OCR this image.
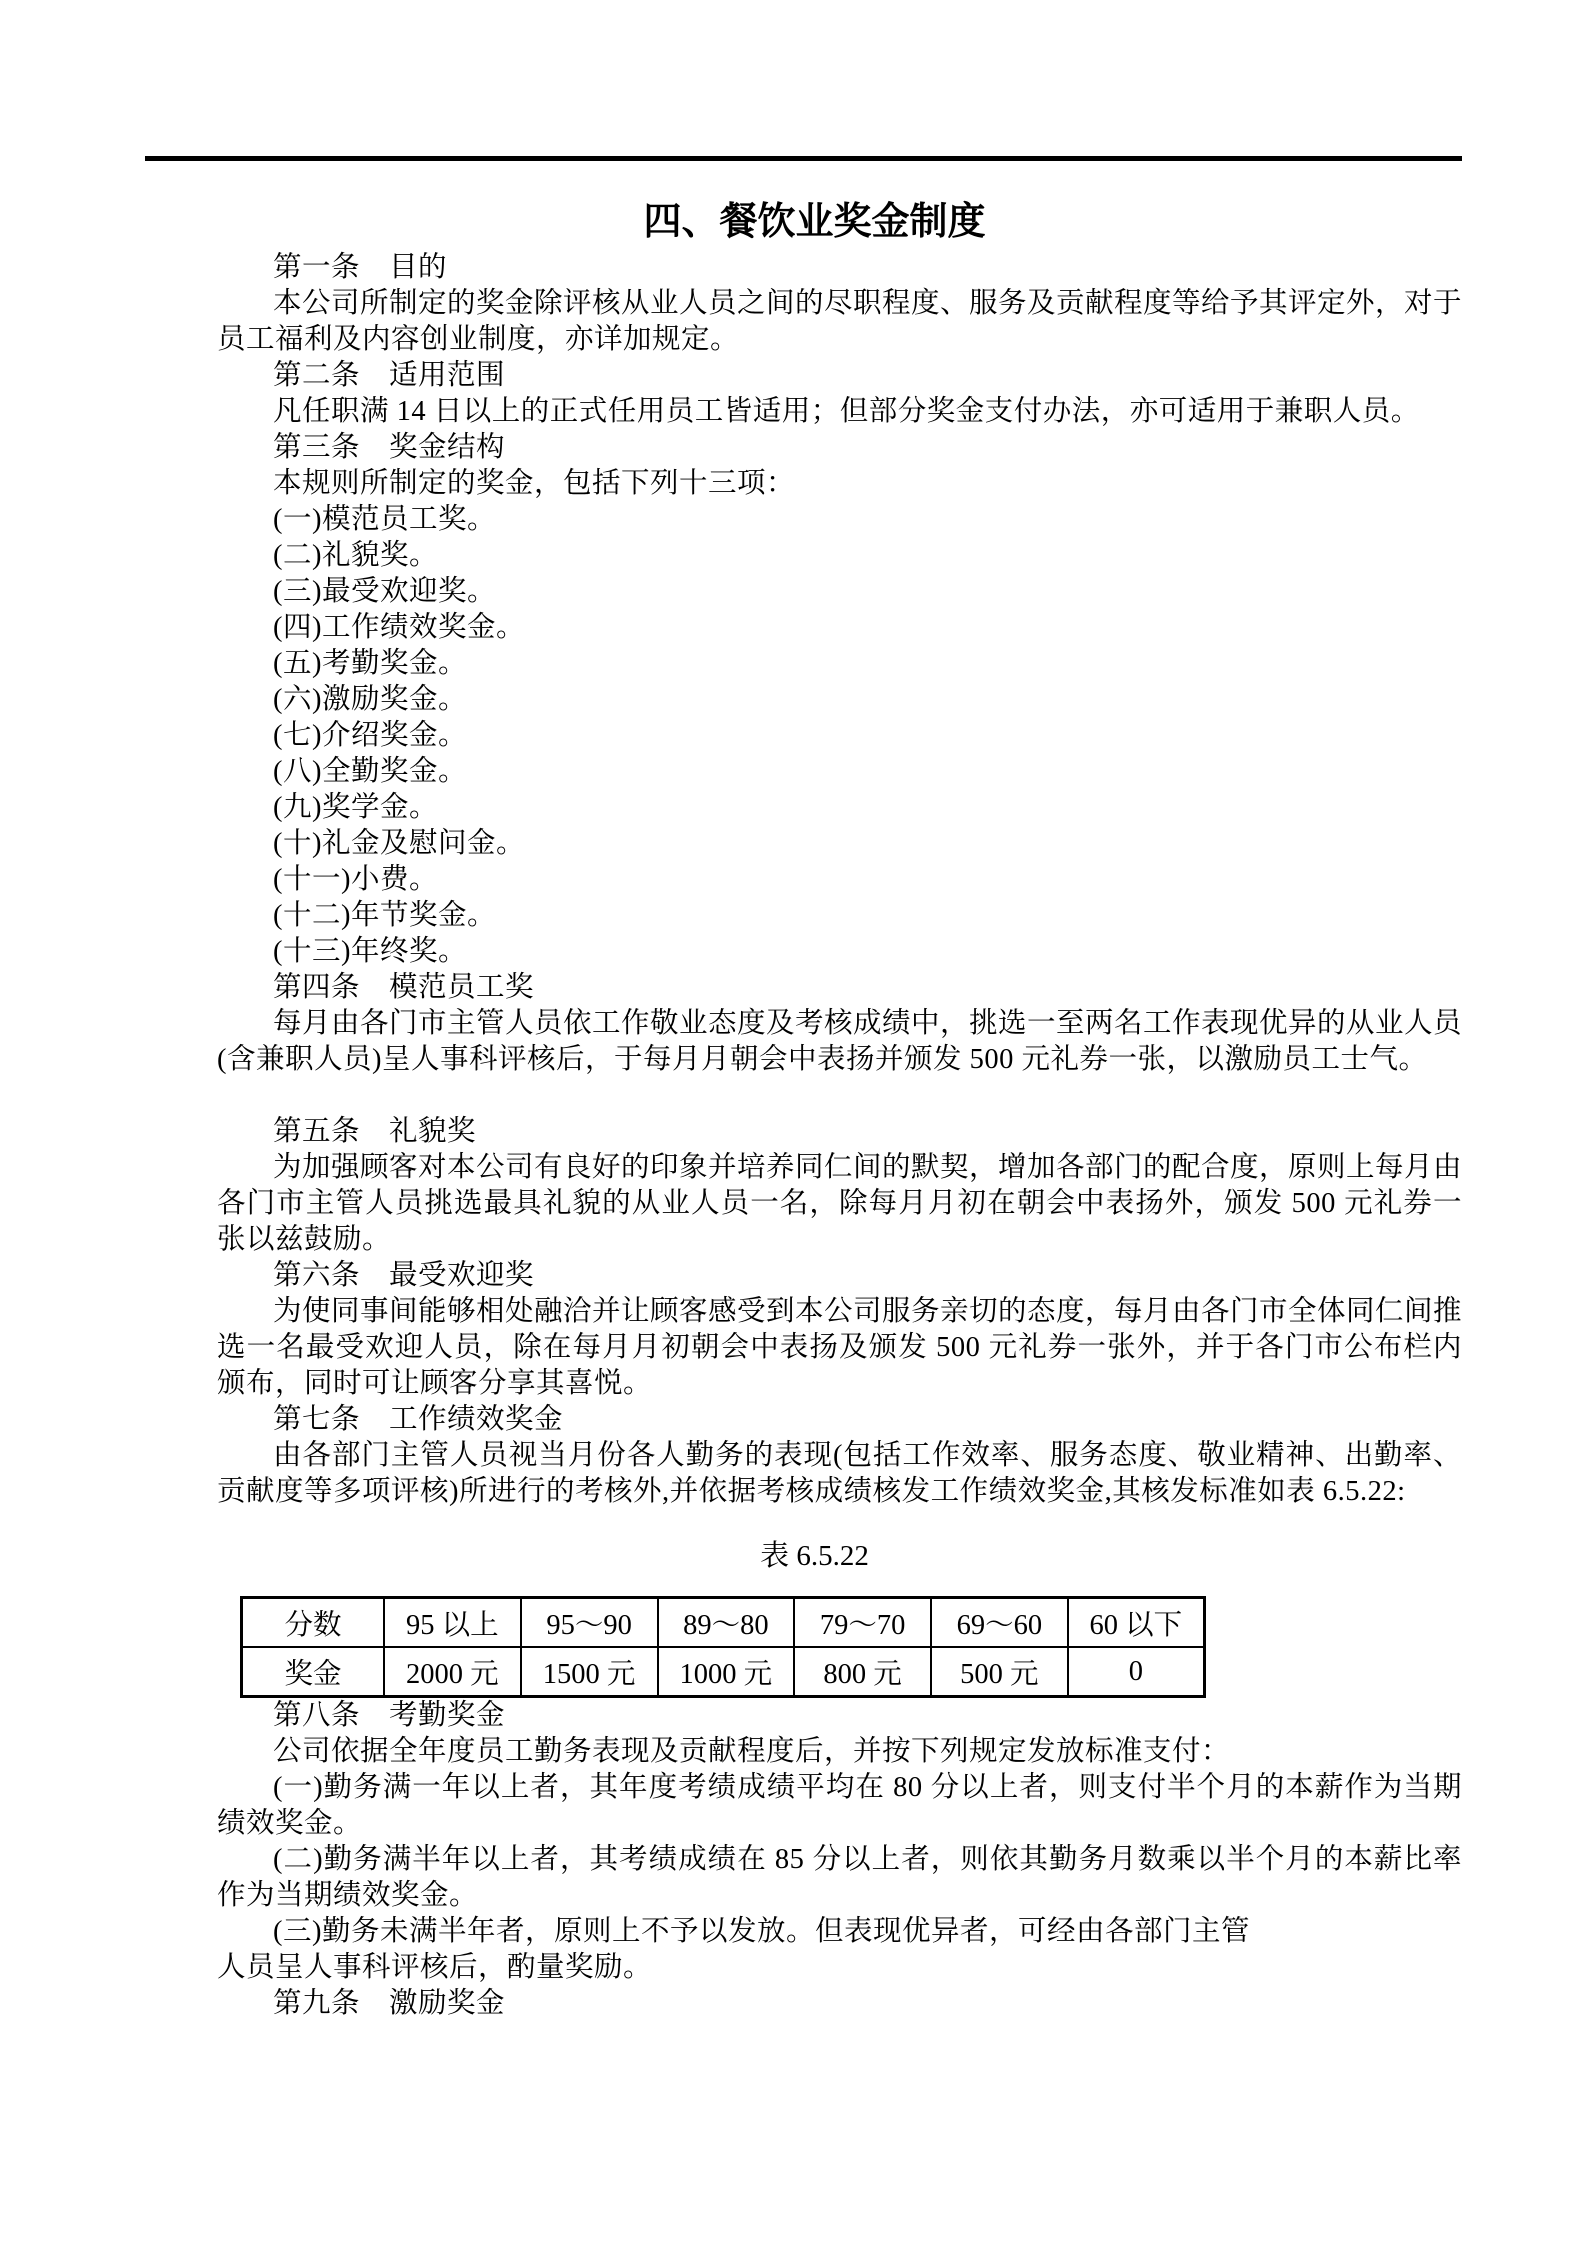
四、餐饮业奖金制度

第一条　目的

本公司所制定的奖金除评核从业人员之间的尽职程度、服务及贡献程度等给予其评定外，对于员工福利及内容创业制度，亦详加规定。

第二条　适用范围

凡任职满 14 日以上的正式任用员工皆适用；但部分奖金支付办法，亦可适用于兼职人员。

第三条　奖金结构

本规则所制定的奖金，包括下列十三项：

(一)模范员工奖。

(二)礼貌奖。

(三)最受欢迎奖。

(四)工作绩效奖金。

(五)考勤奖金。

(六)激励奖金。

(七)介绍奖金。

(八)全勤奖金。

(九)奖学金。

(十)礼金及慰问金。

(十一)小费。

(十二)年节奖金。

(十三)年终奖。

第四条　模范员工奖

每月由各门市主管人员依工作敬业态度及考核成绩中，挑选一至两名工作表现优异的从业人员(含兼职人员)呈人事科评核后，于每月月朝会中表扬并颁发 500 元礼券一张，以激励员工士气。

第五条　礼貌奖

为加强顾客对本公司有良好的印象并培养同仁间的默契，增加各部门的配合度，原则上每月由各门市主管人员挑选最具礼貌的从业人员一名，除每月月初在朝会中表扬外，颁发 500 元礼券一张以兹鼓励。

第六条　最受欢迎奖

为使同事间能够相处融洽并让顾客感受到本公司服务亲切的态度，每月由各门市全体同仁间推选一名最受欢迎人员，除在每月月初朝会中表扬及颁发 500 元礼券一张外，并于各门市公布栏内颁布，同时可让顾客分享其喜悦。

第七条　工作绩效奖金

由各部门主管人员视当月份各人勤务的表现(包括工作效率、服务态度、敬业精神、出勤率、贡献度等多项评核)所进行的考核外,并依据考核成绩核发工作绩效奖金,其核发标准如表 6.5.22:

表 6.5.22
分数	95 以上	95～90	89～80	79～70	69～60	60 以下
奖金	2000 元	1500 元	1000 元	800 元	500 元	0

第八条　考勤奖金

公司依据全年度员工勤务表现及贡献程度后，并按下列规定发放标准支付：

(一)勤务满一年以上者，其年度考绩成绩平均在 80 分以上者，则支付半个月的本薪作为当期绩效奖金。

(二)勤务满半年以上者，其考绩成绩在 85 分以上者，则依其勤务月数乘以半个月的本薪比率作为当期绩效奖金。

(三)勤务未满半年者，原则上不予以发放。但表现优异者，可经由各部门主管

人员呈人事科评核后，酌量奖励。

第九条　激励奖金
